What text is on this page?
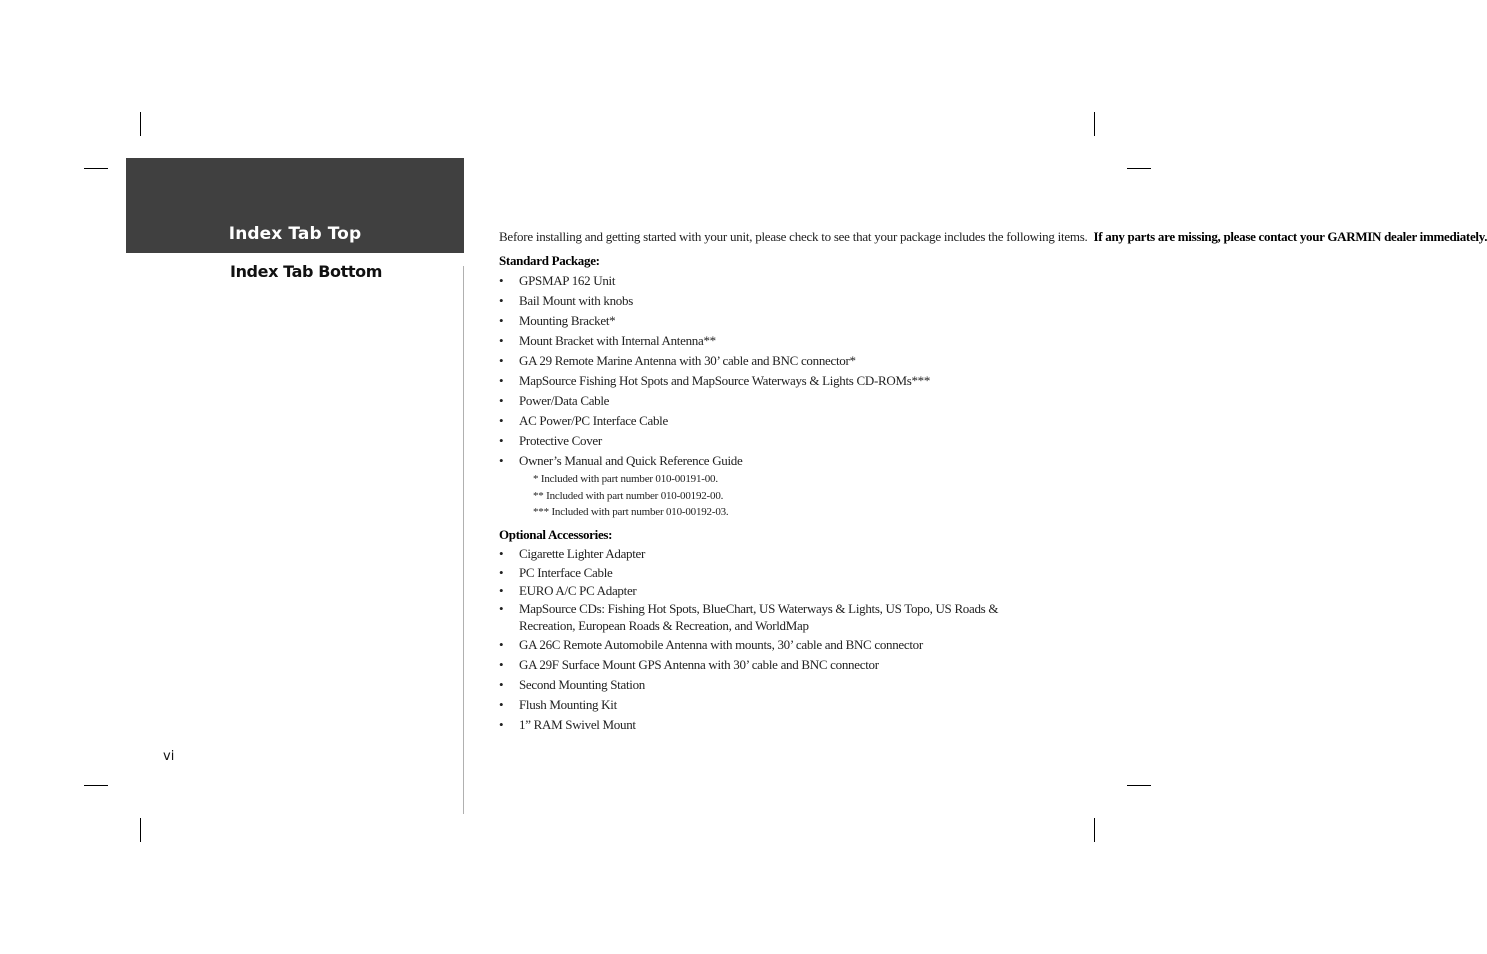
Index Tab Top
Index Tab Bottom
vi

Before installing and getting started with your unit, please check to see that your package includes the following items. If any parts are missing, please contact your GARMIN dealer immediately.

Standard Package:
• GPSMAP 162 Unit
• Bail Mount with knobs
• Mounting Bracket*
• Mount Bracket with Internal Antenna**
• GA 29 Remote Marine Antenna with 30’ cable and BNC connector*
• MapSource Fishing Hot Spots and MapSource Waterways & Lights CD-ROMs***
• Power/Data Cable
• AC Power/PC Interface Cable
• Protective Cover
• Owner’s Manual and Quick Reference Guide
* Included with part number 010-00191-00.
** Included with part number 010-00192-00.
*** Included with part number 010-00192-03.
Optional Accessories:
• Cigarette Lighter Adapter
• PC Interface Cable
• EURO A/C PC Adapter
• MapSource CDs: Fishing Hot Spots, BlueChart, US Waterways & Lights, US Topo, US Roads & Recreation, European Roads & Recreation, and WorldMap
• GA 26C Remote Automobile Antenna with mounts, 30’ cable and BNC connector
• GA 29F Surface Mount GPS Antenna with 30’ cable and BNC connector
• Second Mounting Station
• Flush Mounting Kit
• 1” RAM Swivel Mount
